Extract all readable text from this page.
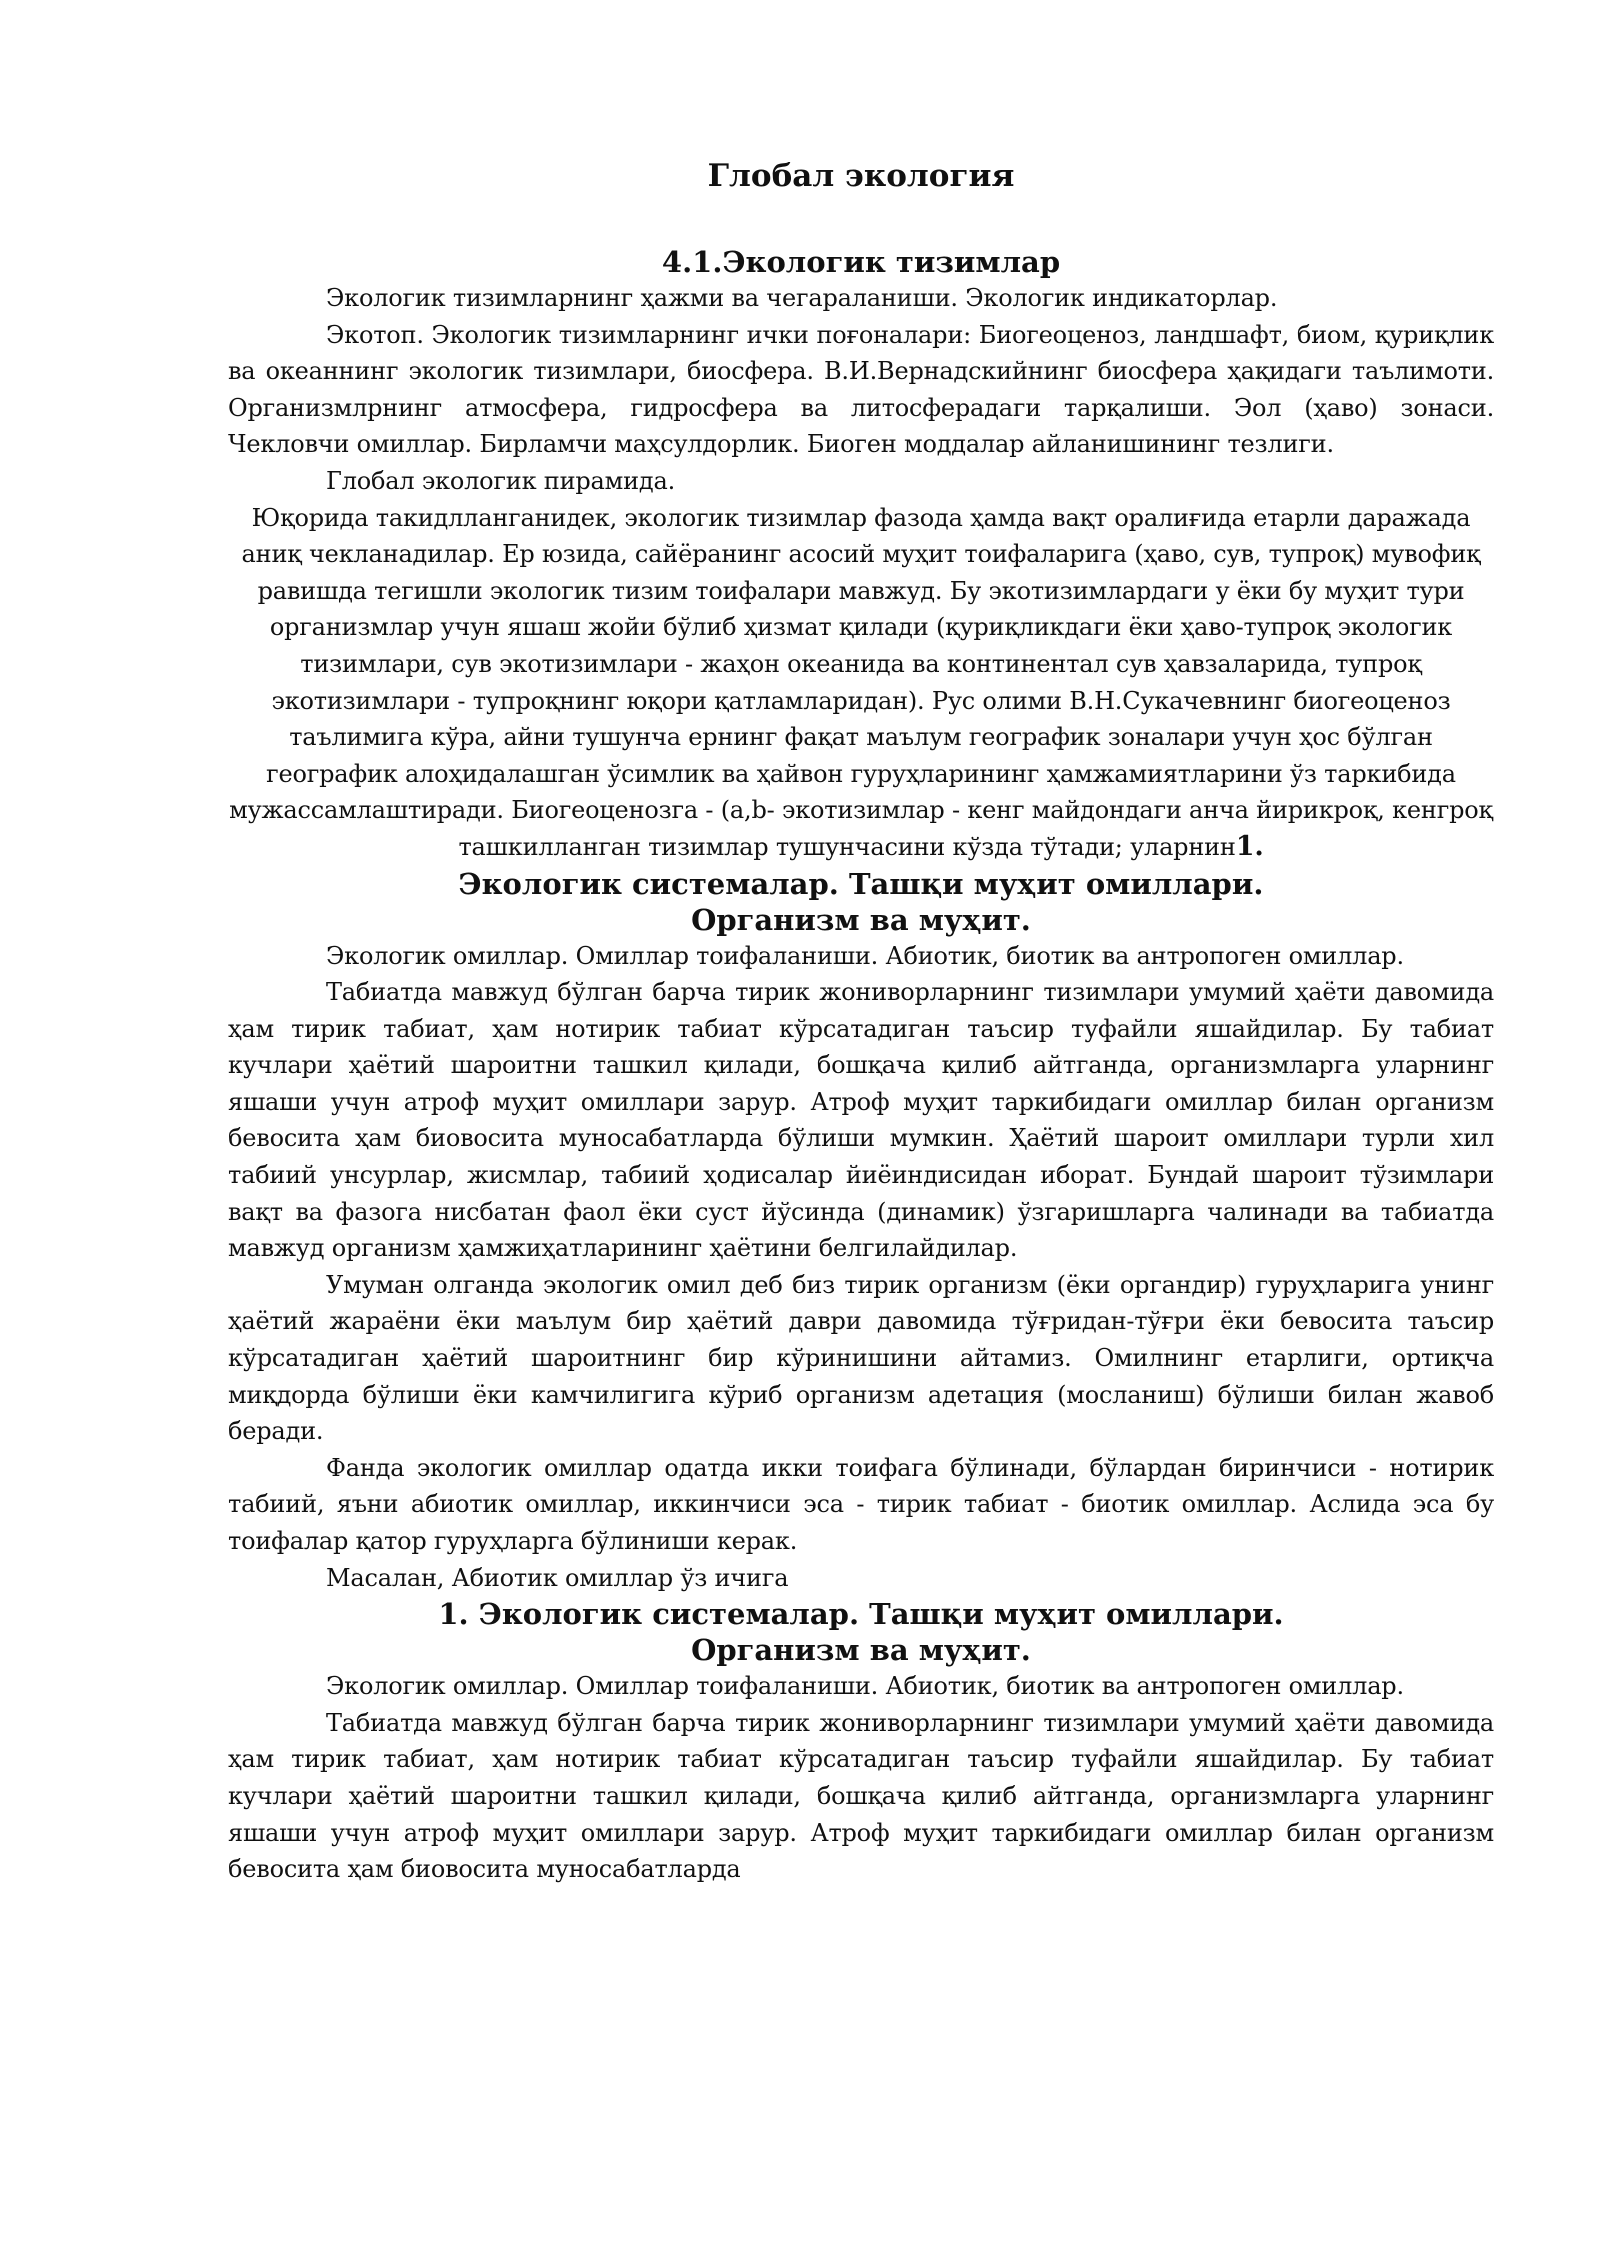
Глобал экология
4.1.Экологик тизимлар

Экологик тизимларнинг ҳажми ва чегараланиши. Экологик индикаторлар.

Экотоп. Экологик тизимларнинг ички поғоналари: Биогеоценоз, ландшафт, биом, қуриқлик ва океаннинг экологик тизимлари, биосфера. В.И.Вернадскийнинг биосфера ҳақидаги таълимоти. Организмлрнинг атмосфера, гидросфера ва литосферадаги тарқалиши. Эол (ҳаво) зонаси. Чекловчи омиллар. Бирламчи маҳсулдорлик. Биоген моддалар айланишининг тезлиги.

Глобал экологик пирамида.

Юқорида такидлланганидек, экологик тизимлар фазода ҳамда вақт оралиғида етарли даражада аниқ чекланадилар. Ер юзида, сайёранинг асосий муҳит тоифаларига (ҳаво, сув, тупроқ) мувофиқ равишда тегишли экологик тизим тоифалари мавжуд. Бу экотизимлардаги у ёки бу муҳит тури организмлар учун яшаш жойи бўлиб ҳизмат қилади (қуриқликдаги ёки ҳаво-тупроқ экологик тизимлари, сув экотизимлари - жаҳон океанида ва континентал сув ҳавзаларида, тупроқ экотизимлари - тупроқнинг юқори қатламларидан). Рус олими В.Н.Сукачевнинг биогеоценоз таълимига кўра, айни тушунча ернинг фақат маълум географик зоналари учун ҳос бўлган географик алоҳидалашган ўсимлик ва ҳайвон гуруҳларининг ҳамжамиятларини ўз таркибида мужассамлаштиради. Биогеоценозга - (а,b- экотизимлар - кенг майдондаги анча йирикроқ, кенгроқ ташкилланган тизимлар тушунчасини кўзда тўтади; уларнин1.

Экологик системалар. Ташқи муҳит омиллари.
Организм ва муҳит.

Экологик омиллар. Омиллар тоифаланиши. Абиотик, биотик ва антропоген омиллар.

Табиатда мавжуд бўлган барча тирик жониворларнинг тизимлари умумий ҳаёти давомида ҳам тирик табиат, ҳам нотирик табиат кўрсатадиган таъсир туфайли яшайдилар. Бу табиат кучлари ҳаётий шароитни ташкил қилади, бошқача қилиб айтганда, организмларга уларнинг яшаши учун атроф муҳит омиллари зарур. Атроф муҳит таркибидаги омиллар билан организм бевосита ҳам биовосита муносабатларда бўлиши мумкин. Ҳаётий шароит омиллари турли хил табиий унсурлар, жисмлар, табиий ҳодисалар йиёиндисидан иборат. Бундай шароит тўзимлари вақт ва фазога нисбатан фаол ёки суст йўсинда (динамик) ўзгаришларга чалинади ва табиатда мавжуд организм ҳамжиҳатларининг ҳаётини белгилайдилар.

Умуман олганда экологик омил деб биз тирик организм (ёки органдир) гуруҳларига унинг ҳаётий жараёни ёки маълум бир ҳаётий даври давомида тўғридан-тўғри ёки бевосита таъсир кўрсатадиган ҳаётий шароитнинг бир кўринишини айтамиз. Омилнинг етарлиги, ортиқча миқдорда бўлиши ёки камчилигига кўриб организм адетация (мосланиш) бўлиши билан жавоб беради.

Фанда экологик омиллар одатда икки тоифага бўлинади, бўлардан биринчиси - нотирик табиий, яъни абиотик омиллар, иккинчиси эса - тирик табиат - биотик омиллар. Аслида эса бу тоифалар қатор гуруҳларга бўлиниши керак.

Масалан, Абиотик омиллар ўз ичига

1. Экологик системалар. Ташқи муҳит омиллари.
Организм ва муҳит.

Экологик омиллар. Омиллар тоифаланиши. Абиотик, биотик ва антропоген омиллар.

Табиатда мавжуд бўлган барча тирик жониворларнинг тизимлари умумий ҳаёти давомида ҳам тирик табиат, ҳам нотирик табиат кўрсатадиган таъсир туфайли яшайдилар. Бу табиат кучлари ҳаётий шароитни ташкил қилади, бошқача қилиб айтганда, организмларга уларнинг яшаши учун атроф муҳит омиллари зарур. Атроф муҳит таркибидаги омиллар билан организм бевосита ҳам биовосита муносабатларда
